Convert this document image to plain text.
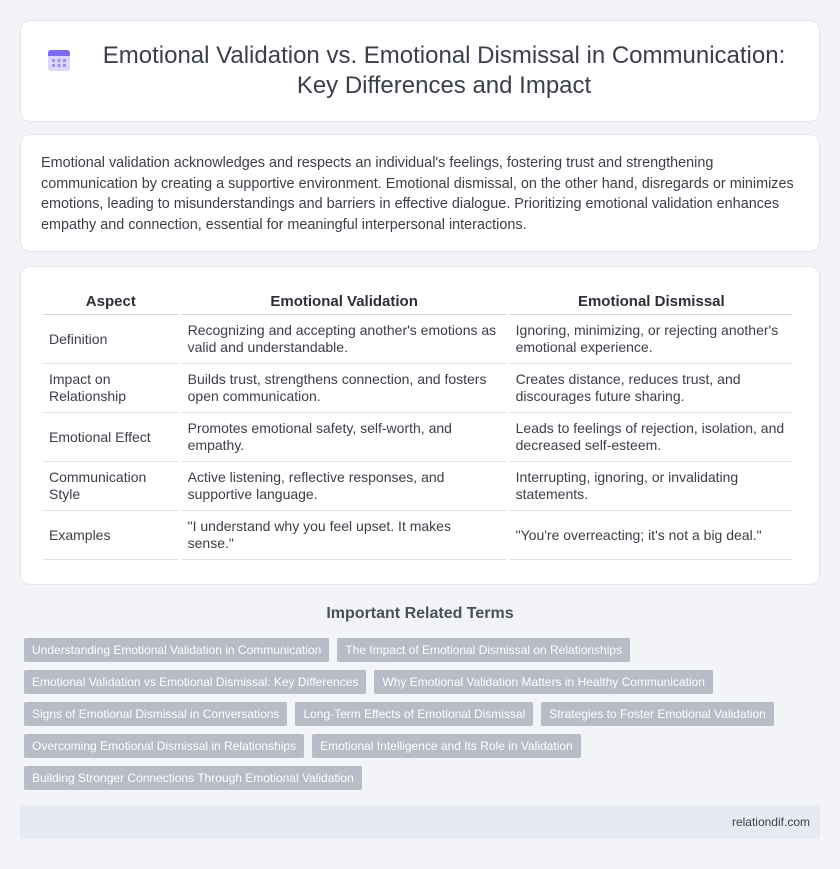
Emotional Validation vs. Emotional Dismissal in Communication: Key Differences and Impact

Emotional validation acknowledges and respects an individual's feelings, fostering trust and strengthening communication by creating a supportive environment. Emotional dismissal, on the other hand, disregards or minimizes emotions, leading to misunderstandings and barriers in effective dialogue. Prioritizing emotional validation enhances empathy and connection, essential for meaningful interpersonal interactions.

Aspect	Emotional Validation	Emotional Dismissal
Definition	Recognizing and accepting another's emotions as valid and understandable.	Ignoring, minimizing, or rejecting another's emotional experience.
Impact on Relationship	Builds trust, strengthens connection, and fosters open communication.	Creates distance, reduces trust, and discourages future sharing.
Emotional Effect	Promotes emotional safety, self-worth, and empathy.	Leads to feelings of rejection, isolation, and decreased self-esteem.
Communication Style	Active listening, reflective responses, and supportive language.	Interrupting, ignoring, or invalidating statements.
Examples	"I understand why you feel upset. It makes sense."	"You're overreacting; it's not a big deal."
Important Related Terms
Understanding Emotional Validation in Communication	The Impact of Emotional Dismissal on Relationships
Emotional Validation vs Emotional Dismissal: Key Differences	Why Emotional Validation Matters in Healthy Communication
Signs of Emotional Dismissal in Conversations	Long-Term Effects of Emotional Dismissal	Strategies to Foster Emotional Validation
Overcoming Emotional Dismissal in Relationships	Emotional Intelligence and Its Role in Validation
Building Stronger Connections Through Emotional Validation
relationdif.com
